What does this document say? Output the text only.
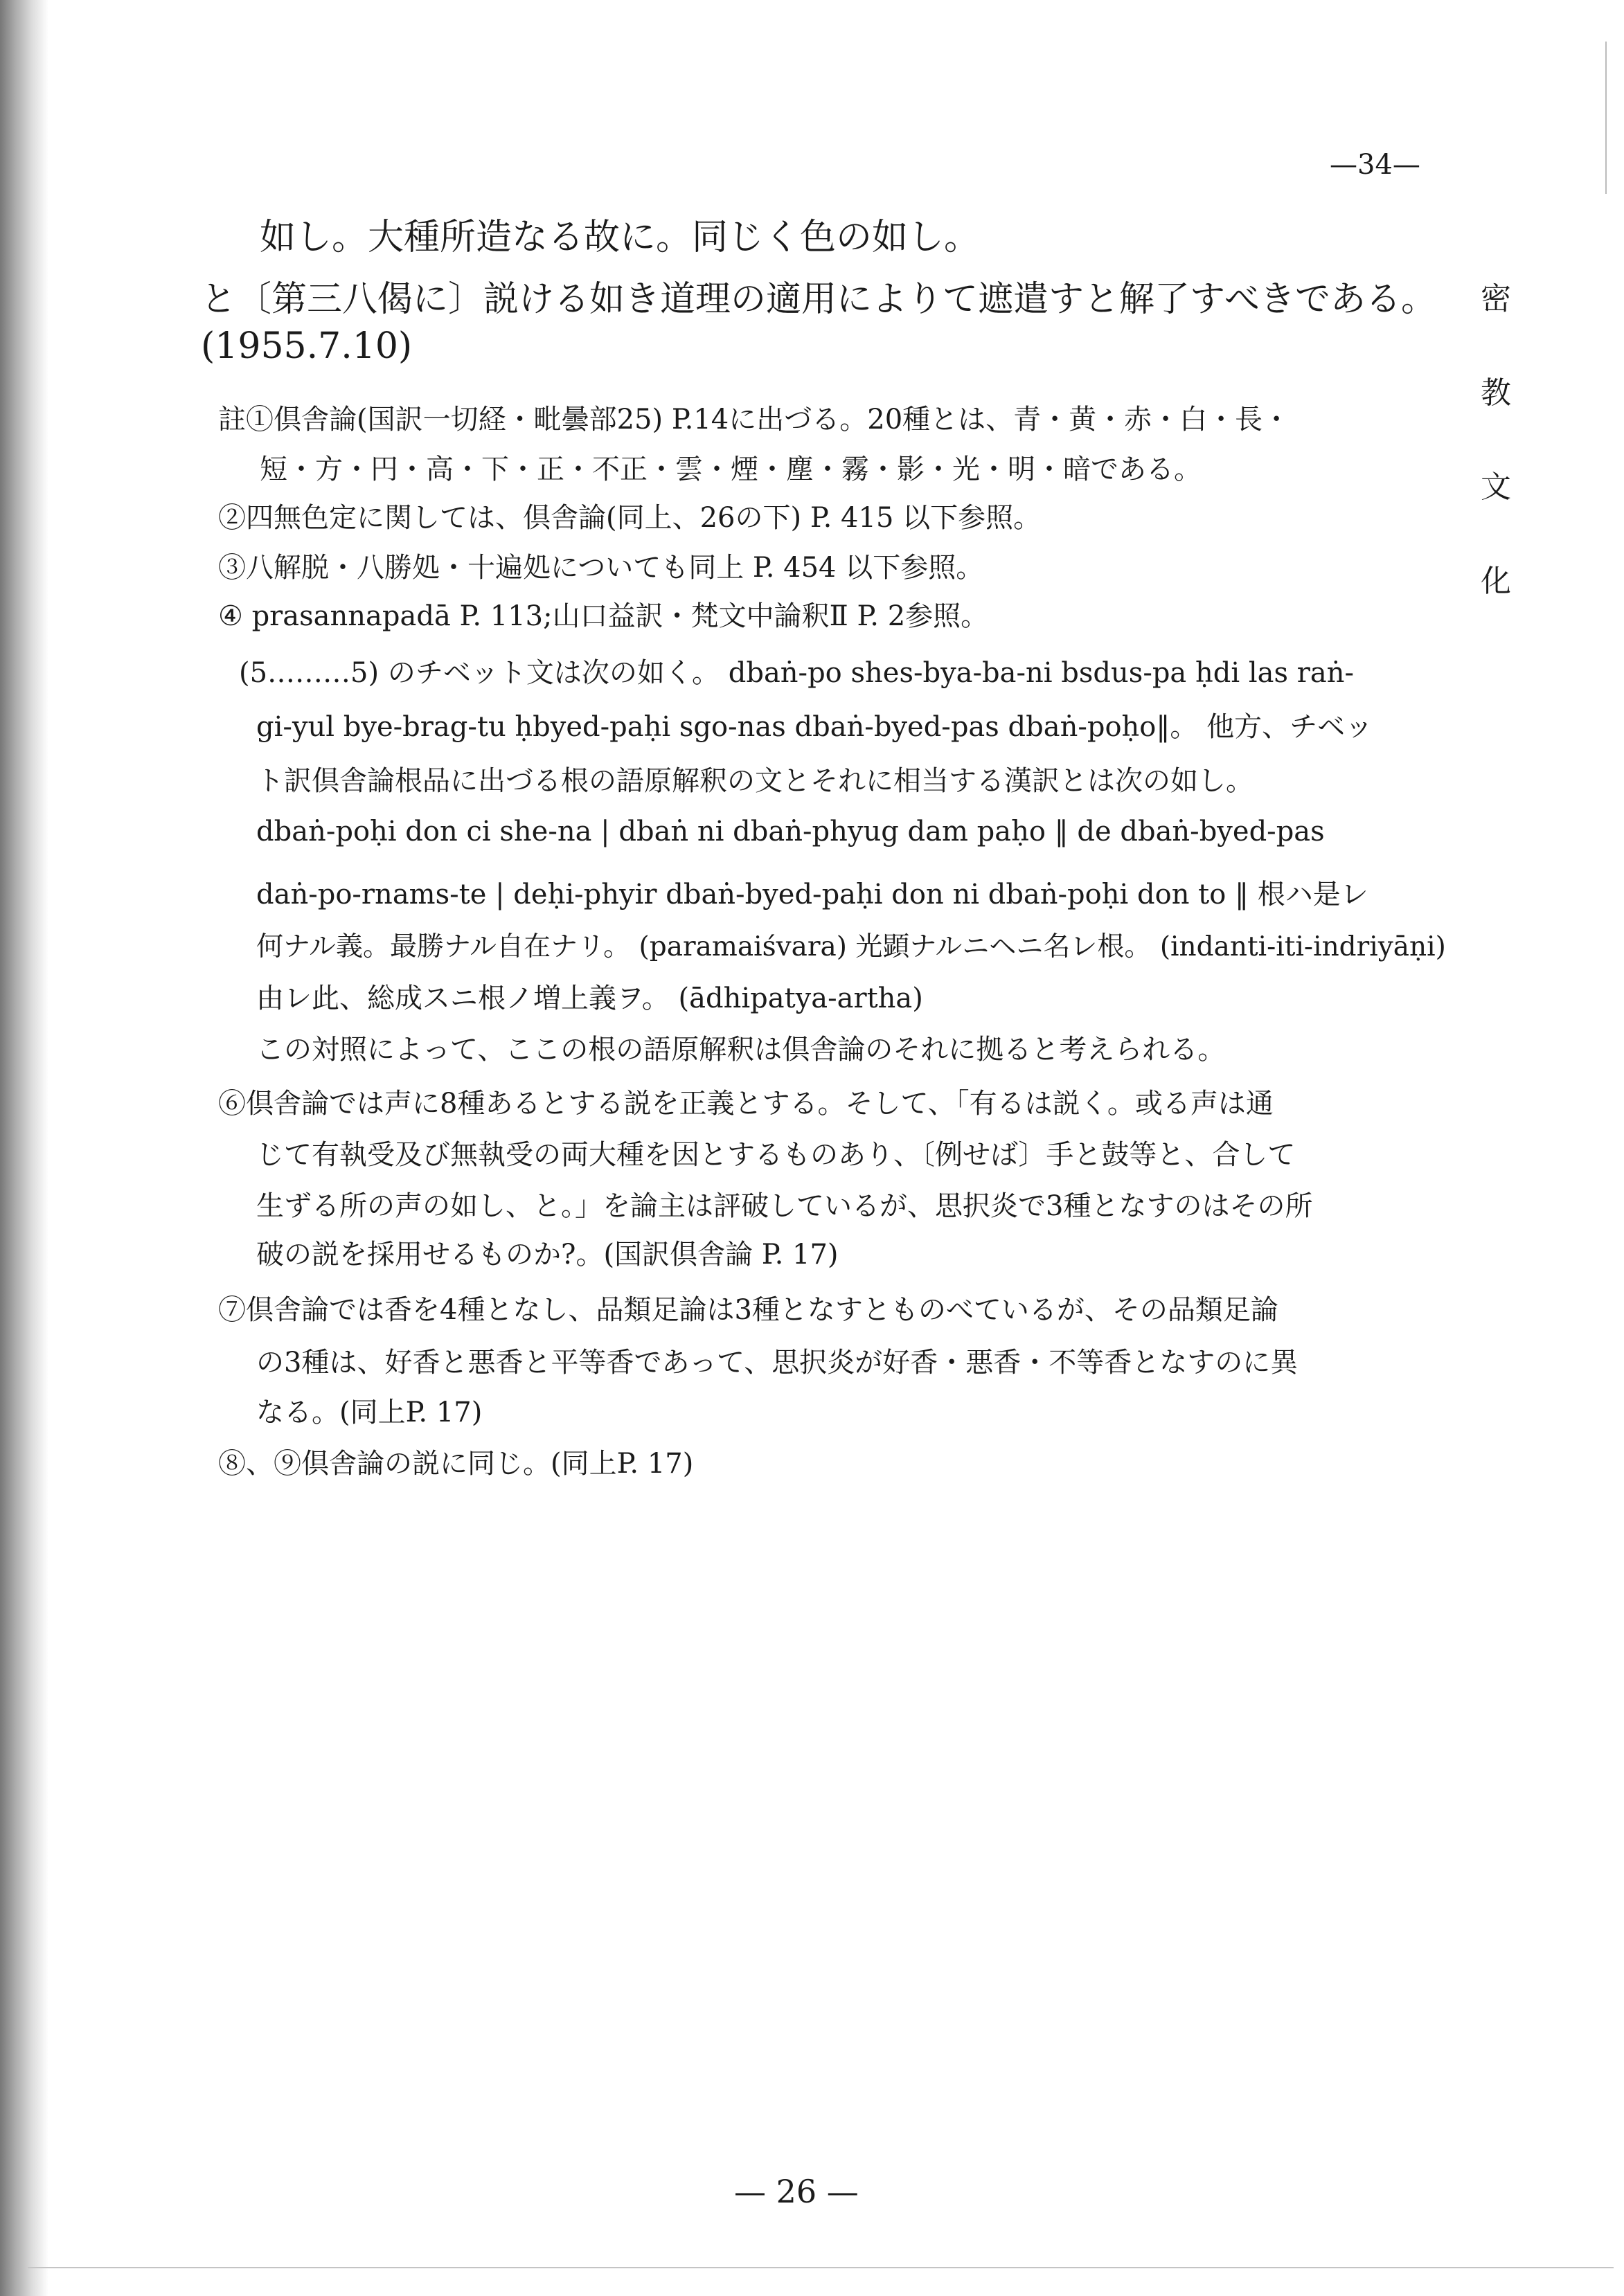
—34—
密
教
文
化
如し。大種所造なる故に。同じく色の如し。
と〔第三八偈に〕説ける如き道理の適用によりて遮遣すと解了すべきである。
(1955.7.10)
註①倶舎論(国訳一切経・毗曇部25) P.14に出づる。20種とは、青・黄・赤・白・長・
短・方・円・高・下・正・不正・雲・煙・塵・霧・影・光・明・暗である。
②四無色定に関しては、倶舎論(同上、26の下) P. 415 以下参照。
③八解脱・八勝処・十遍処についても同上 P. 454 以下参照。
④ prasannapadā P. 113;山口益訳・梵文中論釈Ⅱ P. 2参照。
(5………5) のチベット文は次の如く。 dbaṅ-po shes-bya-ba-ni bsdus-pa ḥdi las raṅ-
gi-yul bye-brag-tu ḥbyed-paḥi sgo-nas dbaṅ-byed-pas dbaṅ-poḥo‖。 他方、チベッ
ト訳倶舎論根品に出づる根の語原解釈の文とそれに相当する漢訳とは次の如し。
dbaṅ-poḥi don ci she-na | dbaṅ ni dbaṅ-phyug dam paḥo ‖ de dbaṅ-byed-pas
daṅ-po-rnams-te | deḥi-phyir dbaṅ-byed-paḥi don ni dbaṅ-poḥi don to ‖ 根ハ是レ
何ナル義。最勝ナル自在ナリ。 (paramaiśvara) 光顕ナルニヘニ名レ根。 (indanti-iti-indriyāṇi)
由レ此、総成スニ根ノ増上義ヲ。 (ādhipatya-artha)
この対照によって、ここの根の語原解釈は倶舎論のそれに拠ると考えられる。
⑥倶舎論では声に8種あるとする説を正義とする。そして、「有るは説く。或る声は通
じて有執受及び無執受の両大種を因とするものあり、〔例せば〕手と鼓等と、合して
生ずる所の声の如し、と。」を論主は評破しているが、思択炎で3種となすのはその所
破の説を採用せるものか?。(国訳倶舎論 P. 17)
⑦倶舎論では香を4種となし、品類足論は3種となすとものべているが、その品類足論
の3種は、好香と悪香と平等香であって、思択炎が好香・悪香・不等香となすのに異
なる。(同上P. 17)
⑧、⑨倶舎論の説に同じ。(同上P. 17)
— 26 —
